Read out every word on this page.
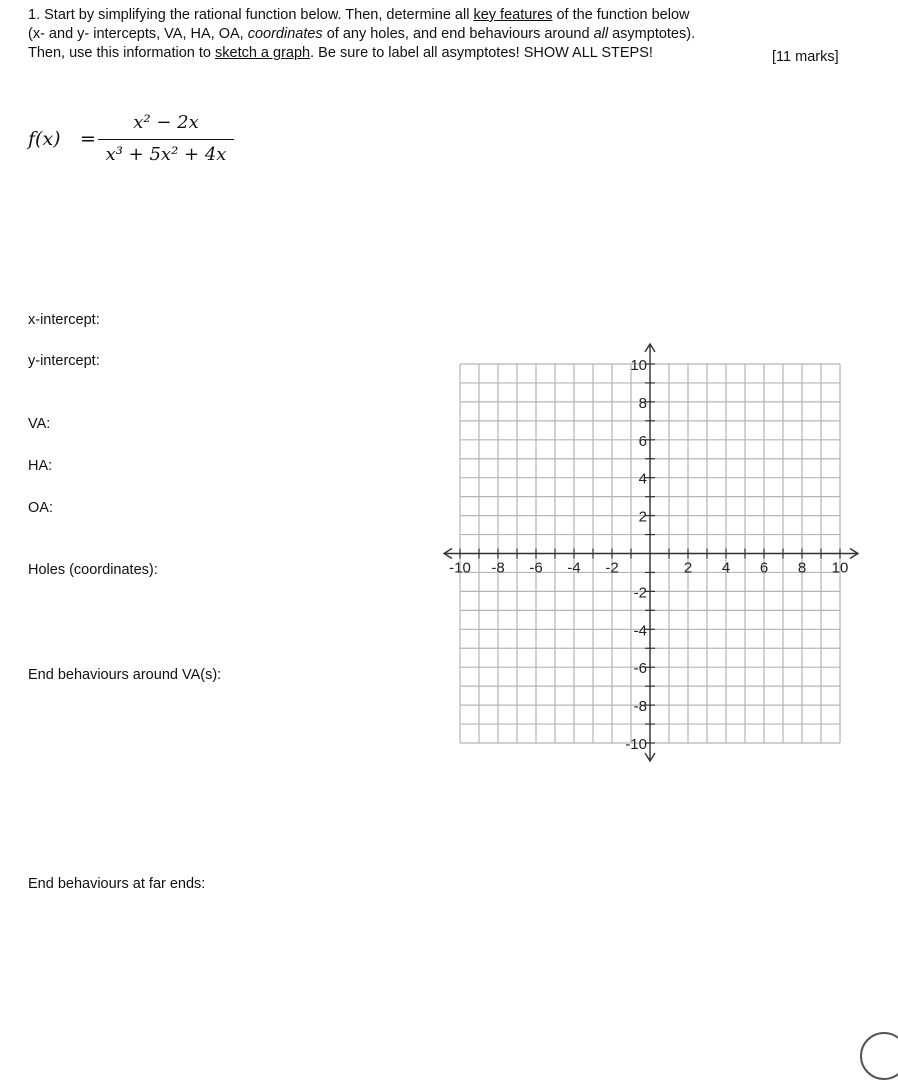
1. Start by simplifying the rational function below. Then, determine all key features of the function below
(x- and y- intercepts, VA, HA, OA, coordinates of any holes, and end behaviours around all asymptotes).
Then, use this information to sketch a graph. Be sure to label all asymptotes! SHOW ALL STEPS!	[11 marks]
f(x) =
x² − 2x
x³ + 5x² + 4x
x-intercept:
y-intercept:
VA:
HA:
OA:
Holes (coordinates):
End behaviours around VA(s):
End behaviours at far ends:
-10 -8 -6 -4 -2	2 4 6 8 10
10
8
6
4
2
-2
-4
-6
-8
-10
